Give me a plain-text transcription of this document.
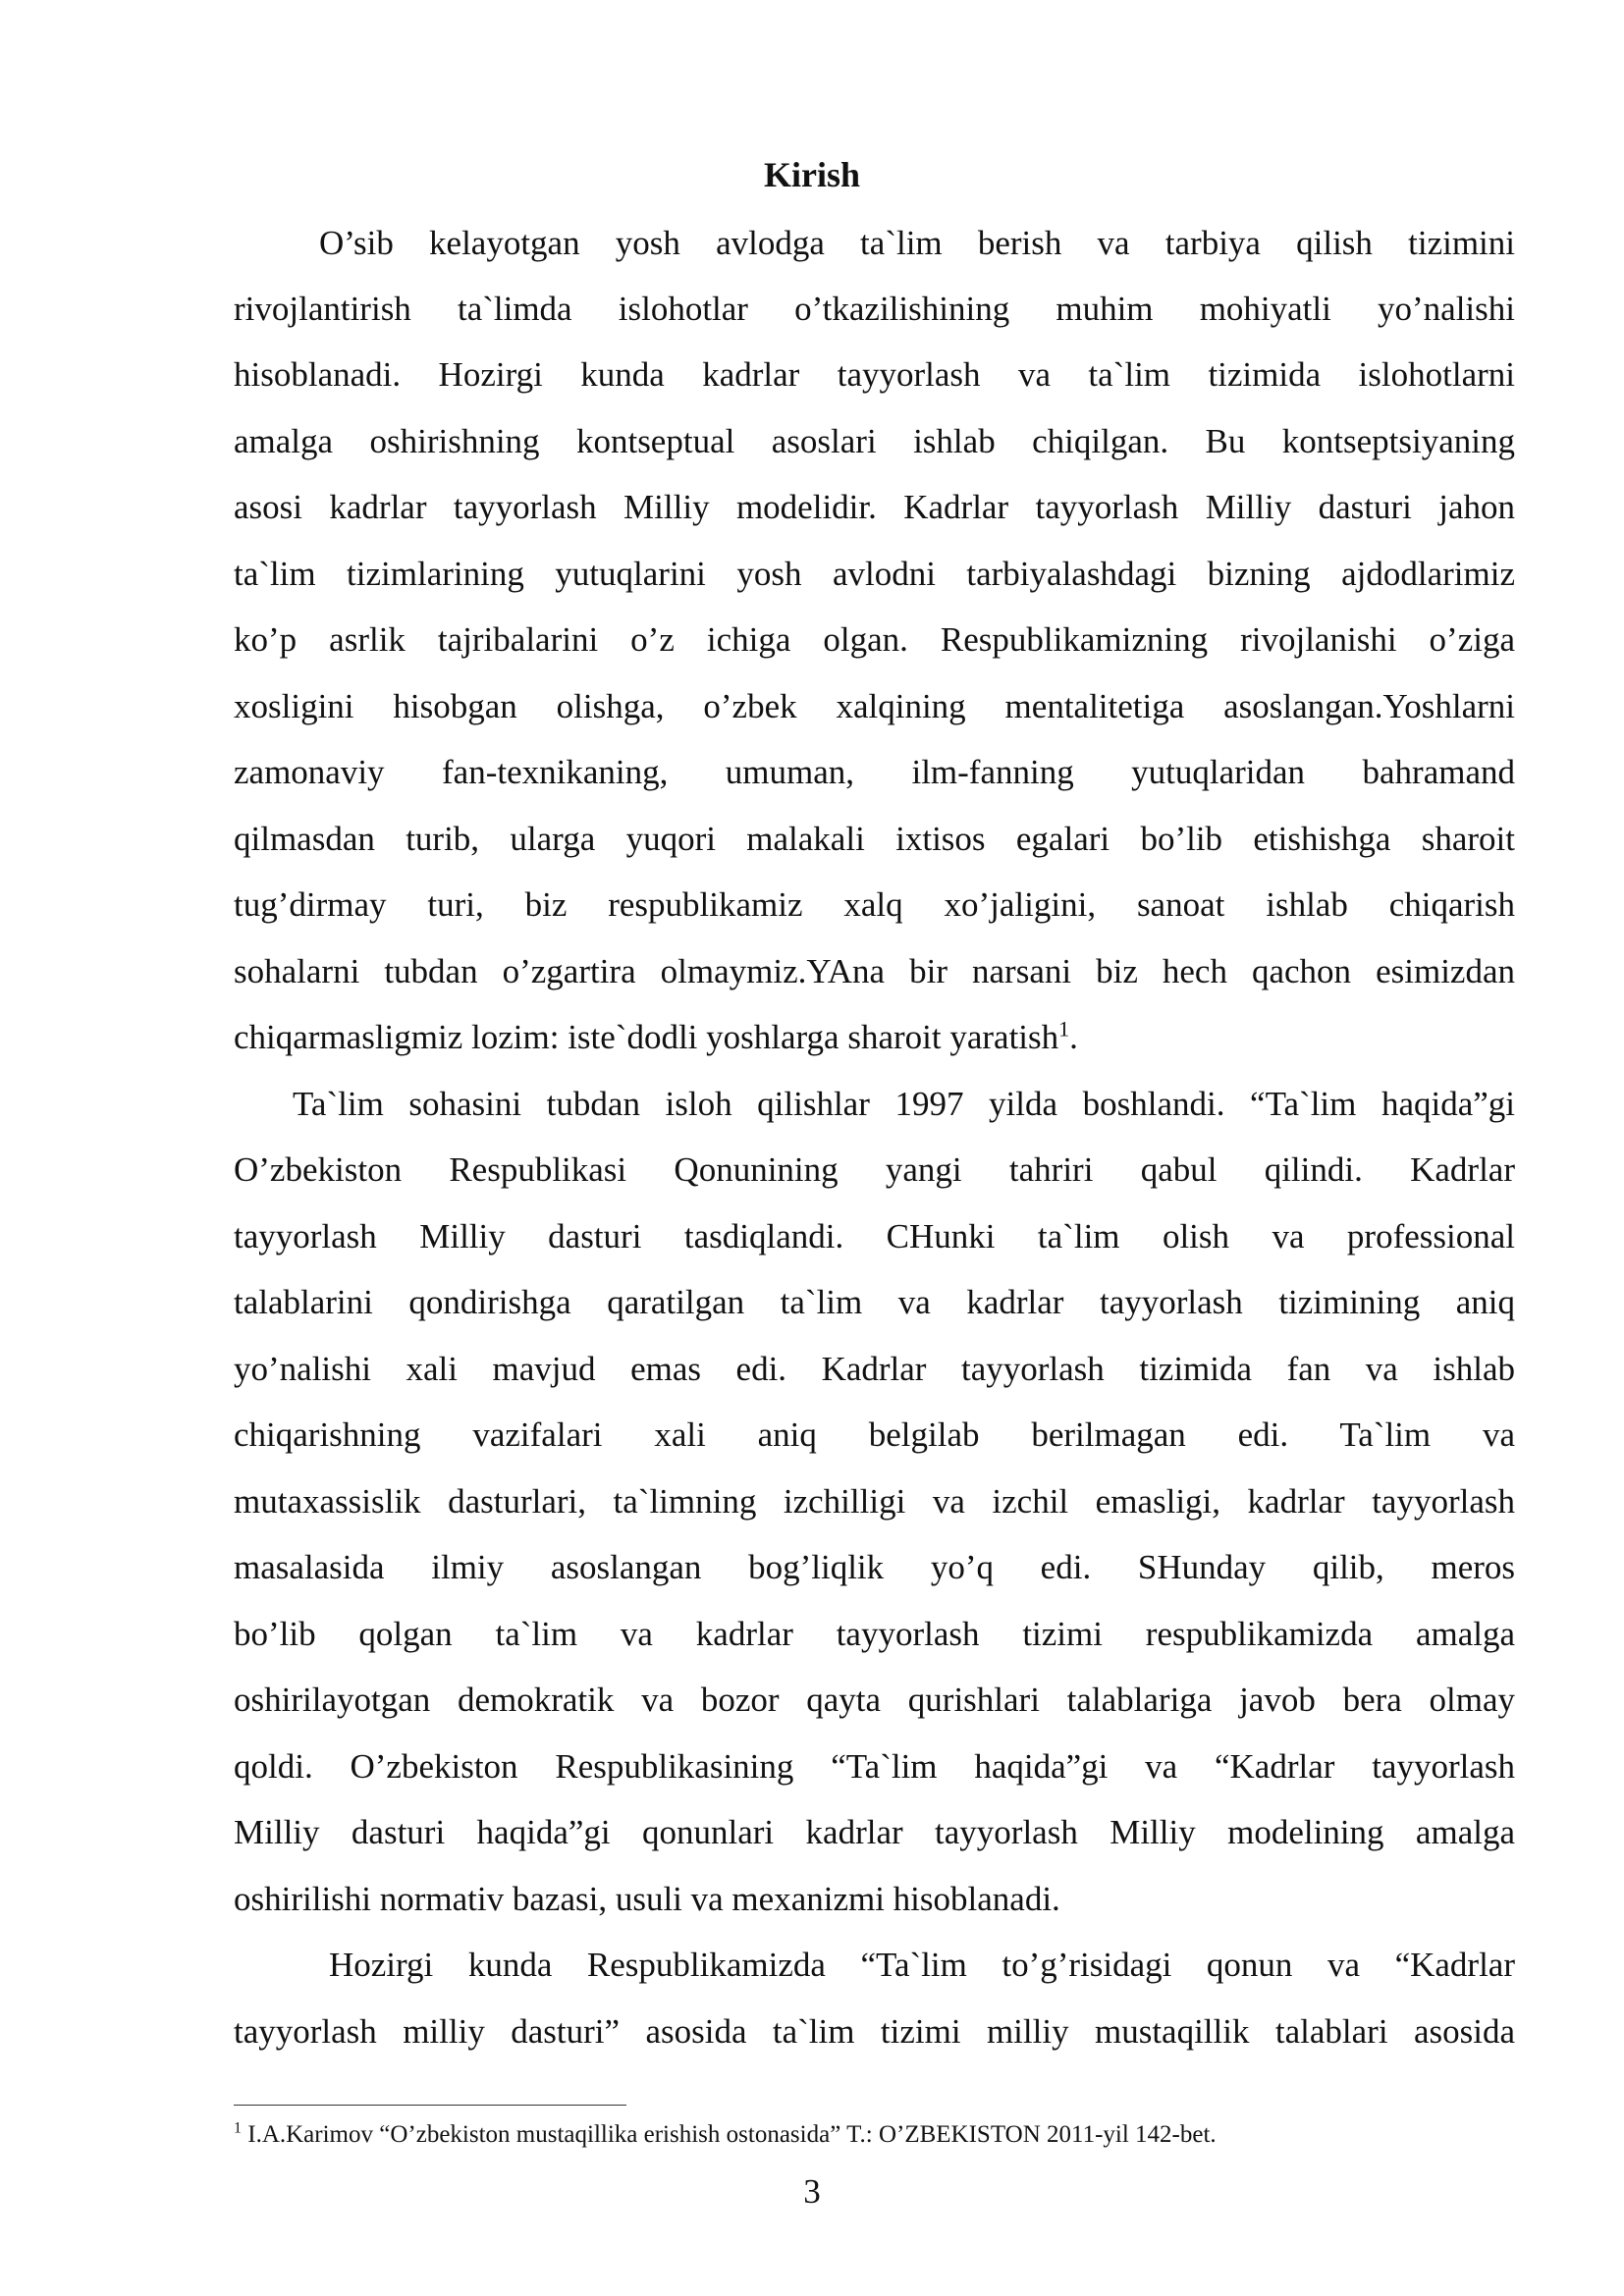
Kirish
O’sib kelayotgan yosh avlodga ta`lim berish va tarbiya qilish tizimini
rivojlantirish ta`limda islohotlar o’tkazilishining muhim mohiyatli yo’nalishi
hisoblanadi. Hozirgi kunda kadrlar tayyorlash va ta`lim tizimida islohotlarni
amalga oshirishning kontseptual asoslari ishlab chiqilgan. Bu kontseptsiyaning
asosi kadrlar tayyorlash Milliy modelidir. Kadrlar tayyorlash Milliy dasturi jahon
ta`lim tizimlarining yutuqlarini yosh avlodni tarbiyalashdagi bizning ajdodlarimiz
ko’p asrlik tajribalarini o’z ichiga olgan. Respublikamizning rivojlanishi o’ziga
xosligini hisobgan olishga, o’zbek xalqining mentalitetiga asoslangan.Yoshlarni
zamonaviy fan-texnikaning, umuman, ilm-fanning yutuqlaridan bahramand
qilmasdan turib, ularga yuqori malakali ixtisos egalari bo’lib etishishga sharoit
tug’dirmay turi, biz respublikamiz xalq xo’jaligini, sanoat ishlab chiqarish
sohalarni tubdan o’zgartira olmaymiz.YAna bir narsani biz hech qachon esimizdan
chiqarmasligmiz lozim: iste`dodli yoshlarga sharoit yaratish$^1$.
Ta`lim sohasini tubdan isloh qilishlar 1997 yilda boshlandi. “Ta`lim haqida”gi
O’zbekiston Respublikasi Qonunining yangi tahriri qabul qilindi. Kadrlar
tayyorlash Milliy dasturi tasdiqlandi. CHunki ta`lim olish va professional
talablarini qondirishga qaratilgan ta`lim va kadrlar tayyorlash tizimining aniq
yo’nalishi xali mavjud emas edi. Kadrlar tayyorlash tizimida fan va ishlab
chiqarishning vazifalari xali aniq belgilab berilmagan edi. Ta`lim va
mutaxassislik dasturlari, ta`limning izchilligi va izchil emasligi, kadrlar tayyorlash
masalasida ilmiy asoslangan bog’liqlik yo’q edi. SHunday qilib, meros
bo’lib qolgan ta`lim va kadrlar tayyorlash tizimi respublikamizda amalga
oshirilayotgan demokratik va bozor qayta qurishlari talablariga javob bera olmay
qoldi. O’zbekiston Respublikasining “Ta`lim haqida”gi va “Kadrlar tayyorlash
Milliy dasturi haqida”gi qonunlari kadrlar tayyorlash Milliy modelining amalga
oshirilishi normativ bazasi, usuli va mexanizmi hisoblanadi.
Hozirgi kunda Respublikamizda “Ta`lim to’g’risidagi qonun va “Kadrlar
tayyorlash milliy dasturi” asosida ta`lim tizimi milliy mustaqillik talablari asosida
$^1$ I.A.Karimov “O’zbekiston mustaqillika erishish ostonasida” T.: O’ZBEKISTON 2011-yil 142-bet.
3
